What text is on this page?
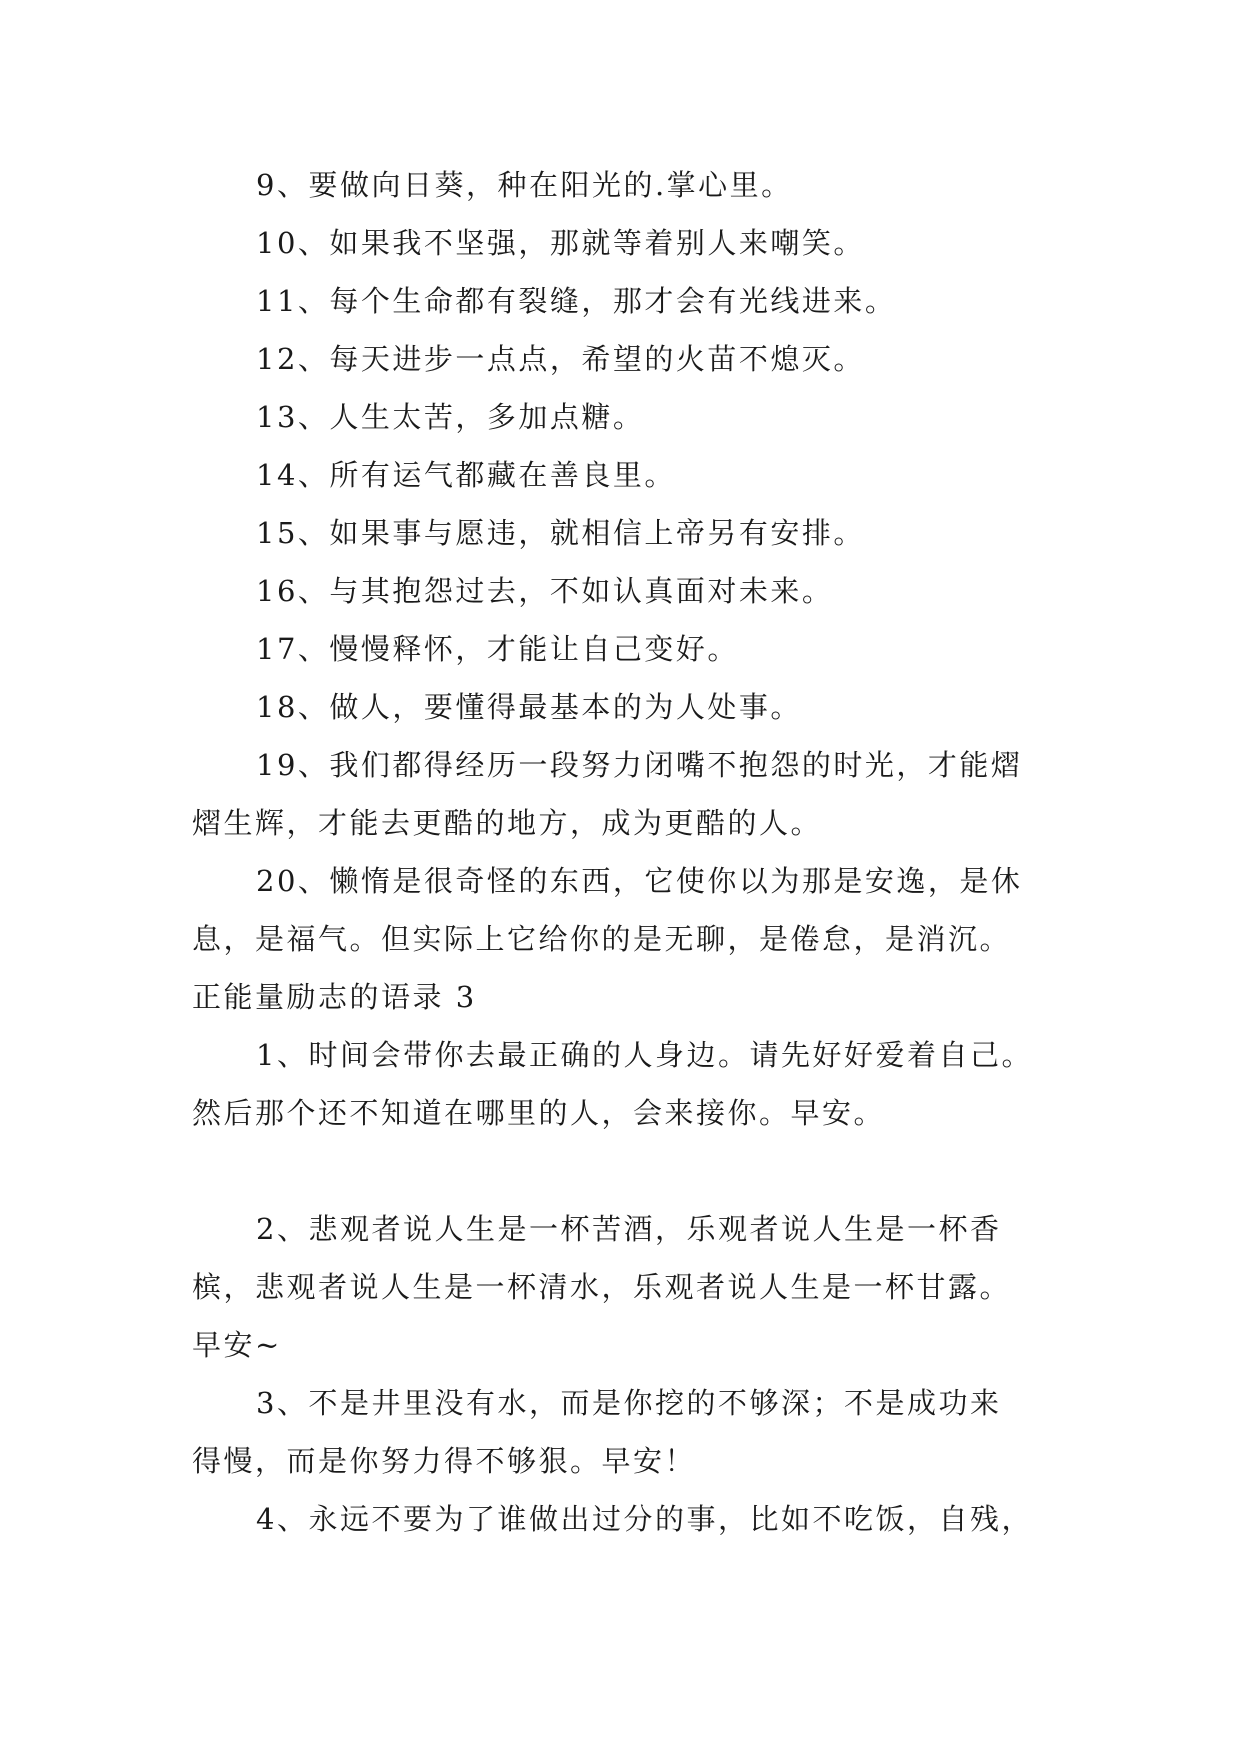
9、要做向日葵，种在阳光的.掌心里。

10、如果我不坚强，那就等着别人来嘲笑。

11、每个生命都有裂缝，那才会有光线进来。

12、每天进步一点点，希望的火苗不熄灭。

13、人生太苦，多加点糖。

14、所有运气都藏在善良里。

15、如果事与愿违，就相信上帝另有安排。

16、与其抱怨过去，不如认真面对未来。

17、慢慢释怀，才能让自己变好。

18、做人，要懂得最基本的为人处事。

19、我们都得经历一段努力闭嘴不抱怨的时光，才能熠
熠生辉，才能去更酷的地方，成为更酷的人。

20、懒惰是很奇怪的东西，它使你以为那是安逸，是休
息，是福气。但实际上它给你的是无聊，是倦怠，是消沉。

正能量励志的语录 3

1、时间会带你去最正确的人身边。请先好好爱着自己。
然后那个还不知道在哪里的人，会来接你。早安。

2、悲观者说人生是一杯苦酒，乐观者说人生是一杯香
槟，悲观者说人生是一杯清水，乐观者说人生是一杯甘露。
早安~

3、不是井里没有水，而是你挖的不够深；不是成功来
得慢，而是你努力得不够狠。早安！

4、永远不要为了谁做出过分的事，比如不吃饭，自残，
